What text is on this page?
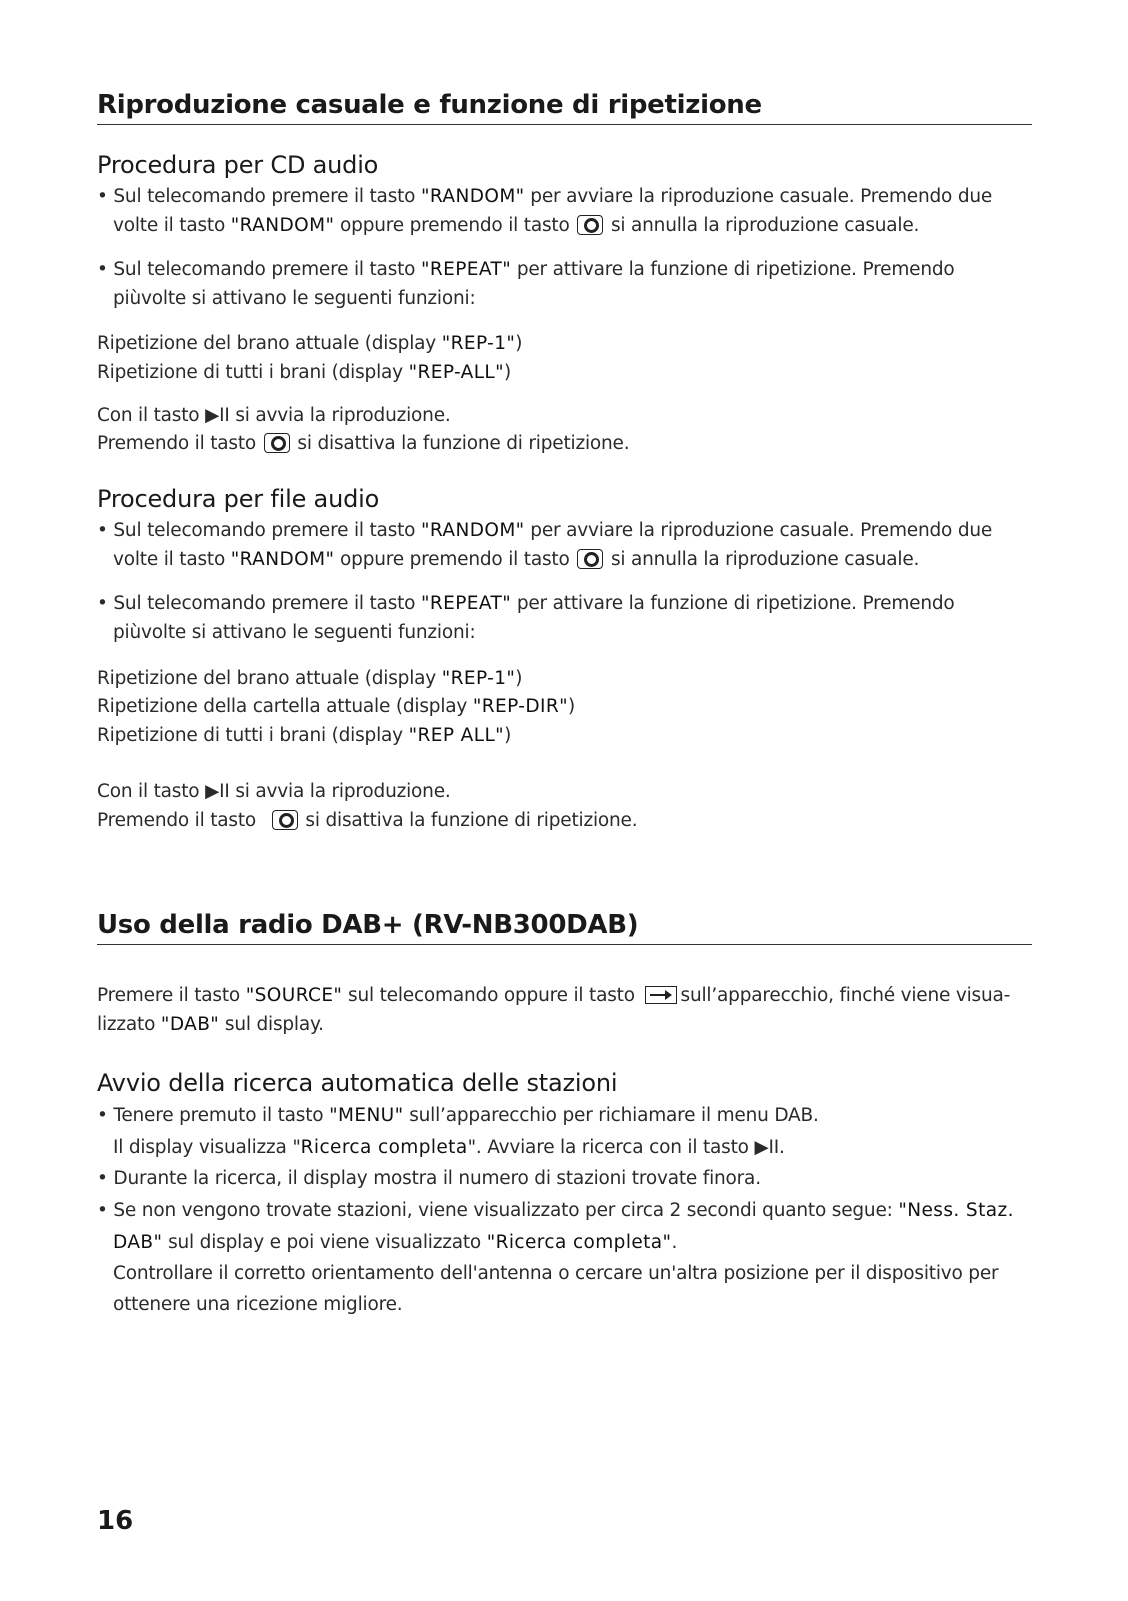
Riproduzione casuale e funzione di ripetizione
Procedura per CD audio
• Sul telecomando premere il tasto "RANDOM" per avviare la riproduzione casuale. Premendo due
volte il tasto "RANDOM" oppure premendo il tasto  si annulla la riproduzione casuale.
• Sul telecomando premere il tasto "REPEAT" per attivare la funzione di ripetizione. Premendo
piùvolte si attivano le seguenti funzioni:
Ripetizione del brano attuale (display "REP-1")
Ripetizione di tutti i brani (display "REP-ALL")
Con il tasto ▶II si avvia la riproduzione.
Premendo il tasto  si disattiva la funzione di ripetizione.
Procedura per file audio
• Sul telecomando premere il tasto "RANDOM" per avviare la riproduzione casuale. Premendo due
volte il tasto "RANDOM" oppure premendo il tasto  si annulla la riproduzione casuale.
• Sul telecomando premere il tasto "REPEAT" per attivare la funzione di ripetizione. Premendo
piùvolte si attivano le seguenti funzioni:
Ripetizione del brano attuale (display "REP-1")
Ripetizione della cartella attuale (display "REP-DIR")
Ripetizione di tutti i brani (display "REP ALL")
Con il tasto ▶II si avvia la riproduzione.
Premendo il tasto  si disattiva la funzione di ripetizione.
Uso della radio DAB+ (RV-NB300DAB)
Premere il tasto "SOURCE" sul telecomando oppure il tasto sull’apparecchio, finché viene visua-
lizzato "DAB" sul display.
Avvio della ricerca automatica delle stazioni
• Tenere premuto il tasto "MENU" sull’apparecchio per richiamare il menu DAB.
Il display visualizza "Ricerca completa". Avviare la ricerca con il tasto ▶II.
• Durante la ricerca, il display mostra il numero di stazioni trovate finora.
• Se non vengono trovate stazioni, viene visualizzato per circa 2 secondi quanto segue: "Ness. Staz.
DAB" sul display e poi viene visualizzato "Ricerca completa".
Controllare il corretto orientamento dell'antenna o cercare un'altra posizione per il dispositivo per
ottenere una ricezione migliore.
16
